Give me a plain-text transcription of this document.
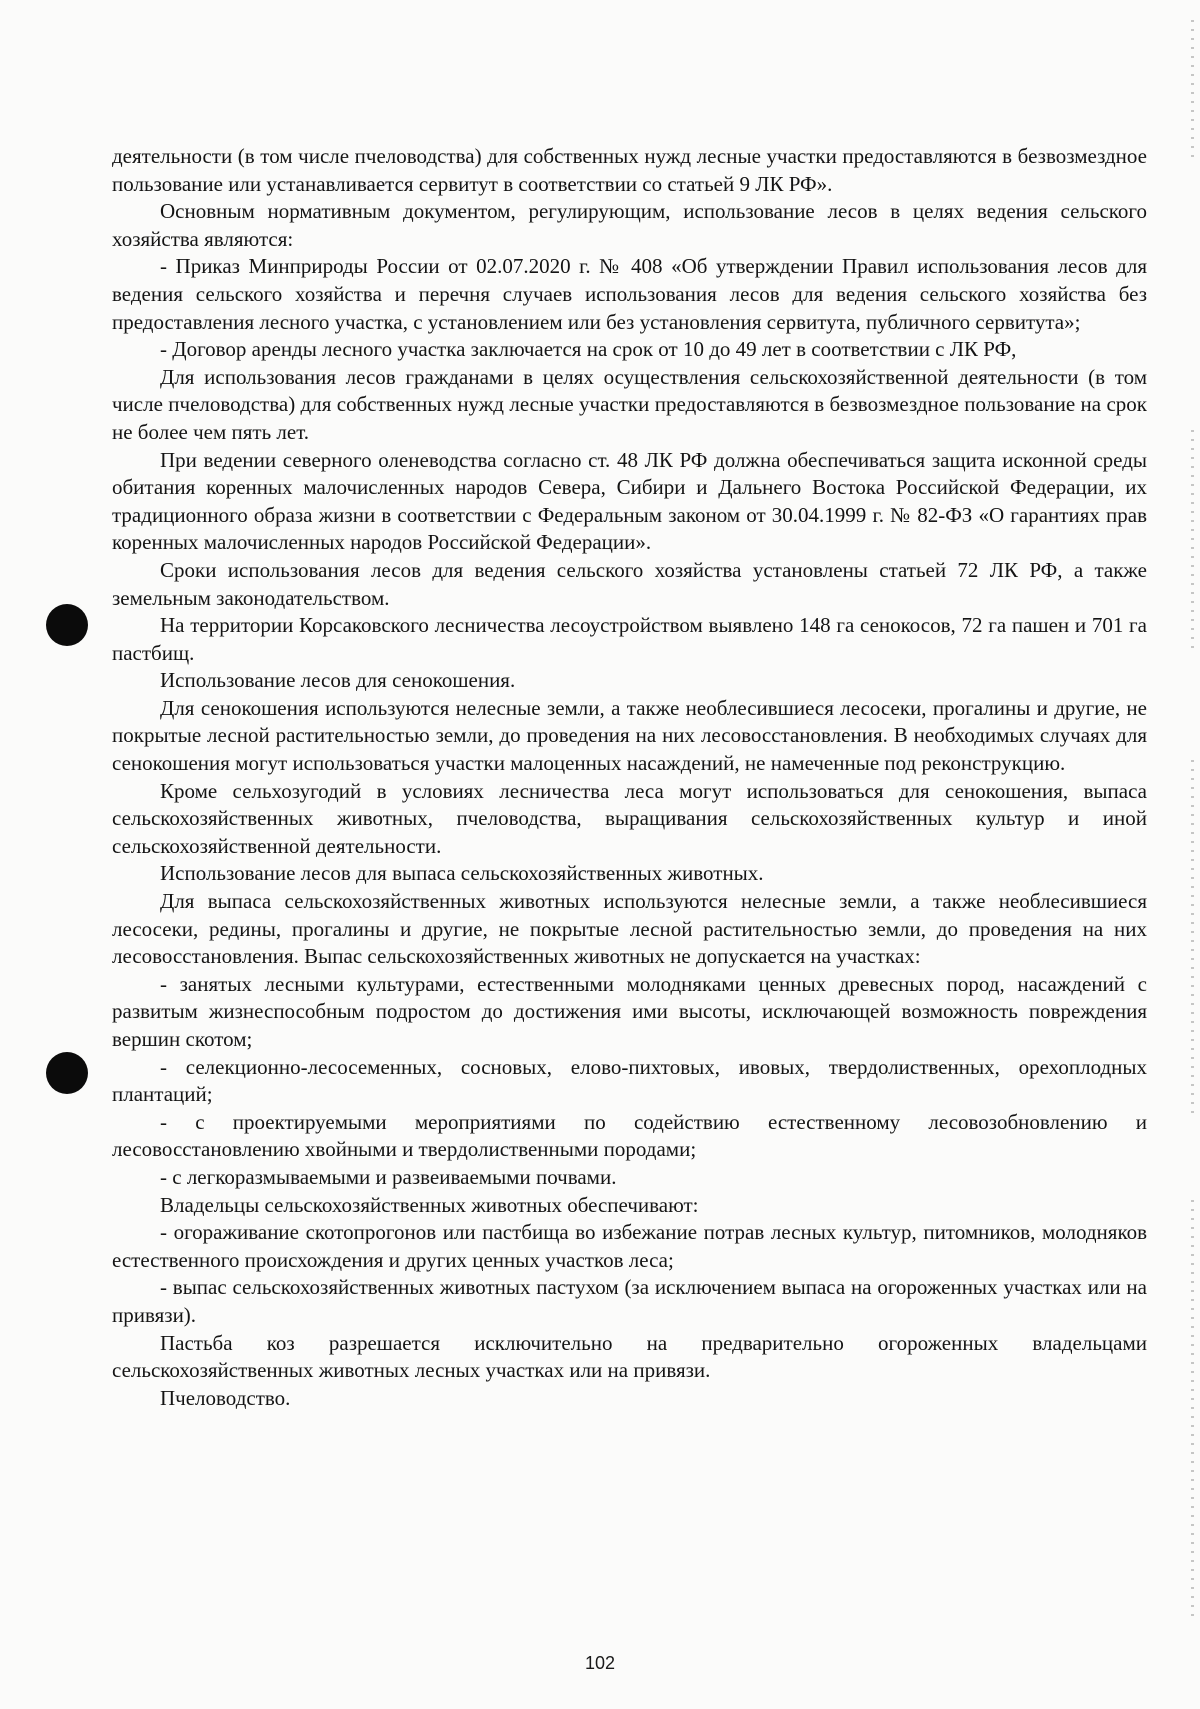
деятельности (в том числе пчеловодства) для собственных нужд лесные участки предоставляются в безвозмездное пользование или устанавливается сервитут в соответствии со статьей 9 ЛК РФ».

Основным нормативным документом, регулирующим, использование лесов в целях ведения сельского хозяйства являются:

- Приказ Минприроды России от 02.07.2020 г. № 408 «Об утверждении Правил использования лесов для ведения сельского хозяйства и перечня случаев использования лесов для ведения сельского хозяйства без предоставления лесного участка, с установлением или без установления сервитута, публичного сервитута»;

- Договор аренды лесного участка заключается на срок от 10 до 49 лет в соответствии с ЛК РФ,

Для использования лесов гражданами в целях осуществления сельскохозяйственной деятельности (в том числе пчеловодства) для собственных нужд лесные участки предоставляются в безвозмездное пользование на срок не более чем пять лет.

При ведении северного оленеводства согласно ст. 48 ЛК РФ должна обеспечиваться защита исконной среды обитания коренных малочисленных народов Севера, Сибири и Дальнего Востока Российской Федерации, их традиционного образа жизни в соответствии с Федеральным законом от 30.04.1999 г. № 82-ФЗ «О гарантиях прав коренных малочисленных народов Российской Федерации».

Сроки использования лесов для ведения сельского хозяйства установлены статьей 72 ЛК РФ, а также земельным законодательством.

На территории Корсаковского лесничества лесоустройством выявлено 148 га сенокосов, 72 га пашен и 701 га пастбищ.

Использование лесов для сенокошения.

Для сенокошения используются нелесные земли, а также необлесившиеся лесосеки, прогалины и другие, не покрытые лесной растительностью земли, до проведения на них лесовосстановления. В необходимых случаях для сенокошения могут использоваться участки малоценных насаждений, не намеченные под реконструкцию.

Кроме сельхозугодий в условиях лесничества леса могут использоваться для сенокошения, выпаса сельскохозяйственных животных, пчеловодства, выращивания сельскохозяйственных культур и иной сельскохозяйственной деятельности.

Использование лесов для выпаса сельскохозяйственных животных.

Для выпаса сельскохозяйственных животных используются нелесные земли, а также необлесившиеся лесосеки, редины, прогалины и другие, не покрытые лесной растительностью земли, до проведения на них лесовосстановления. Выпас сельскохозяйственных животных не допускается на участках:

- занятых лесными культурами, естественными молодняками ценных древесных пород, насаждений с развитым жизнеспособным подростом до достижения ими высоты, исключающей возможность повреждения вершин скотом;

- селекционно-лесосеменных, сосновых, елово-пихтовых, ивовых, твердолиственных, орехоплодных плантаций;

- с проектируемыми мероприятиями по содействию естественному лесовозобновлению и лесовосстановлению хвойными и твердолиственными породами;

- с легкоразмываемыми и развеиваемыми почвами.

Владельцы сельскохозяйственных животных обеспечивают:

- огораживание скотопрогонов или пастбища во избежание потрав лесных культур, питомников, молодняков естественного происхождения и других ценных участков леса;

- выпас сельскохозяйственных животных пастухом (за исключением выпаса на огороженных участках или на привязи).

Пастьба коз разрешается исключительно на предварительно огороженных владельцами сельскохозяйственных животных лесных участках или на привязи.

Пчеловодство.

102
